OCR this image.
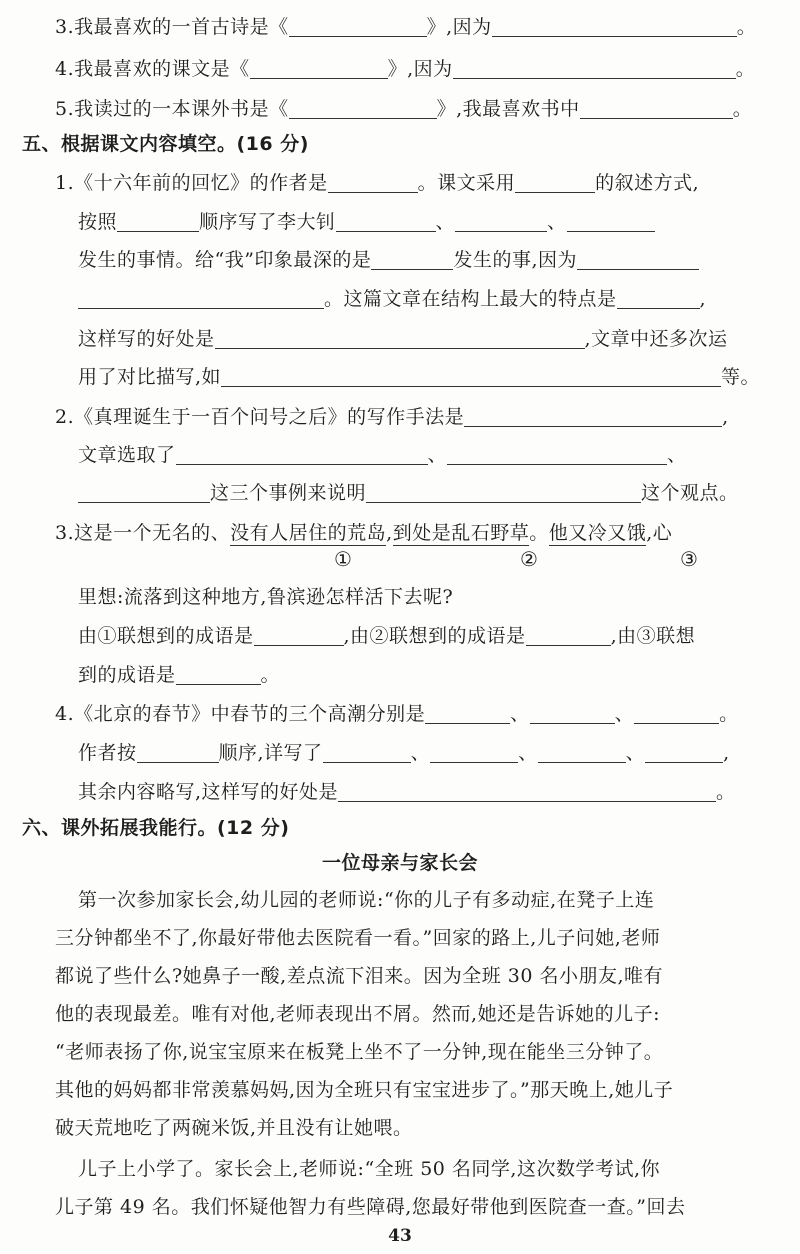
3.我最喜欢的一首古诗是《	》,因为	。
4.我最喜欢的课文是《	》,因为	。
5.我读过的一本课外书是《	》,我最喜欢书中	。
五、根据课文内容填空。(16 分)
1.《十六年前的回忆》的作者是	。课文采用	的叙述方式,
按照	顺序写了李大钊	、	、
发生的事情。给“我”印象最深的是	发生的事,因为
。这篇文章在结构上最大的特点是	,
这样写的好处是	,文章中还多次运
用了对比描写,如	等。
2.《真理诞生于一百个问号之后》的写作手法是	,
文章选取了	、	、
这三个事例来说明	这个观点。
3.这是一个无名的、没有人居住的荒岛,到处是乱石野草。他又冷又饿,心
①	②	③
里想:流落到这种地方,鲁滨逊怎样活下去呢?
由①联想到的成语是	,由②联想到的成语是	,由③联想
到的成语是	。
4.《北京的春节》中春节的三个高潮分别是	、	、	。
作者按	顺序,详写了	、	、	、	,
其余内容略写,这样写的好处是	。
六、课外拓展我能行。(12 分)
一位母亲与家长会
第一次参加家长会,幼儿园的老师说:“你的儿子有多动症,在凳子上连
三分钟都坐不了,你最好带他去医院看一看。”回家的路上,儿子问她,老师
都说了些什么?她鼻子一酸,差点流下泪来。因为全班 30 名小朋友,唯有
他的表现最差。唯有对他,老师表现出不屑。然而,她还是告诉她的儿子:
“老师表扬了你,说宝宝原来在板凳上坐不了一分钟,现在能坐三分钟了。
其他的妈妈都非常羡慕妈妈,因为全班只有宝宝进步了。”那天晚上,她儿子
破天荒地吃了两碗米饭,并且没有让她喂。
儿子上小学了。家长会上,老师说:“全班 50 名同学,这次数学考试,你
儿子第 49 名。我们怀疑他智力有些障碍,您最好带他到医院查一查。”回去
43
